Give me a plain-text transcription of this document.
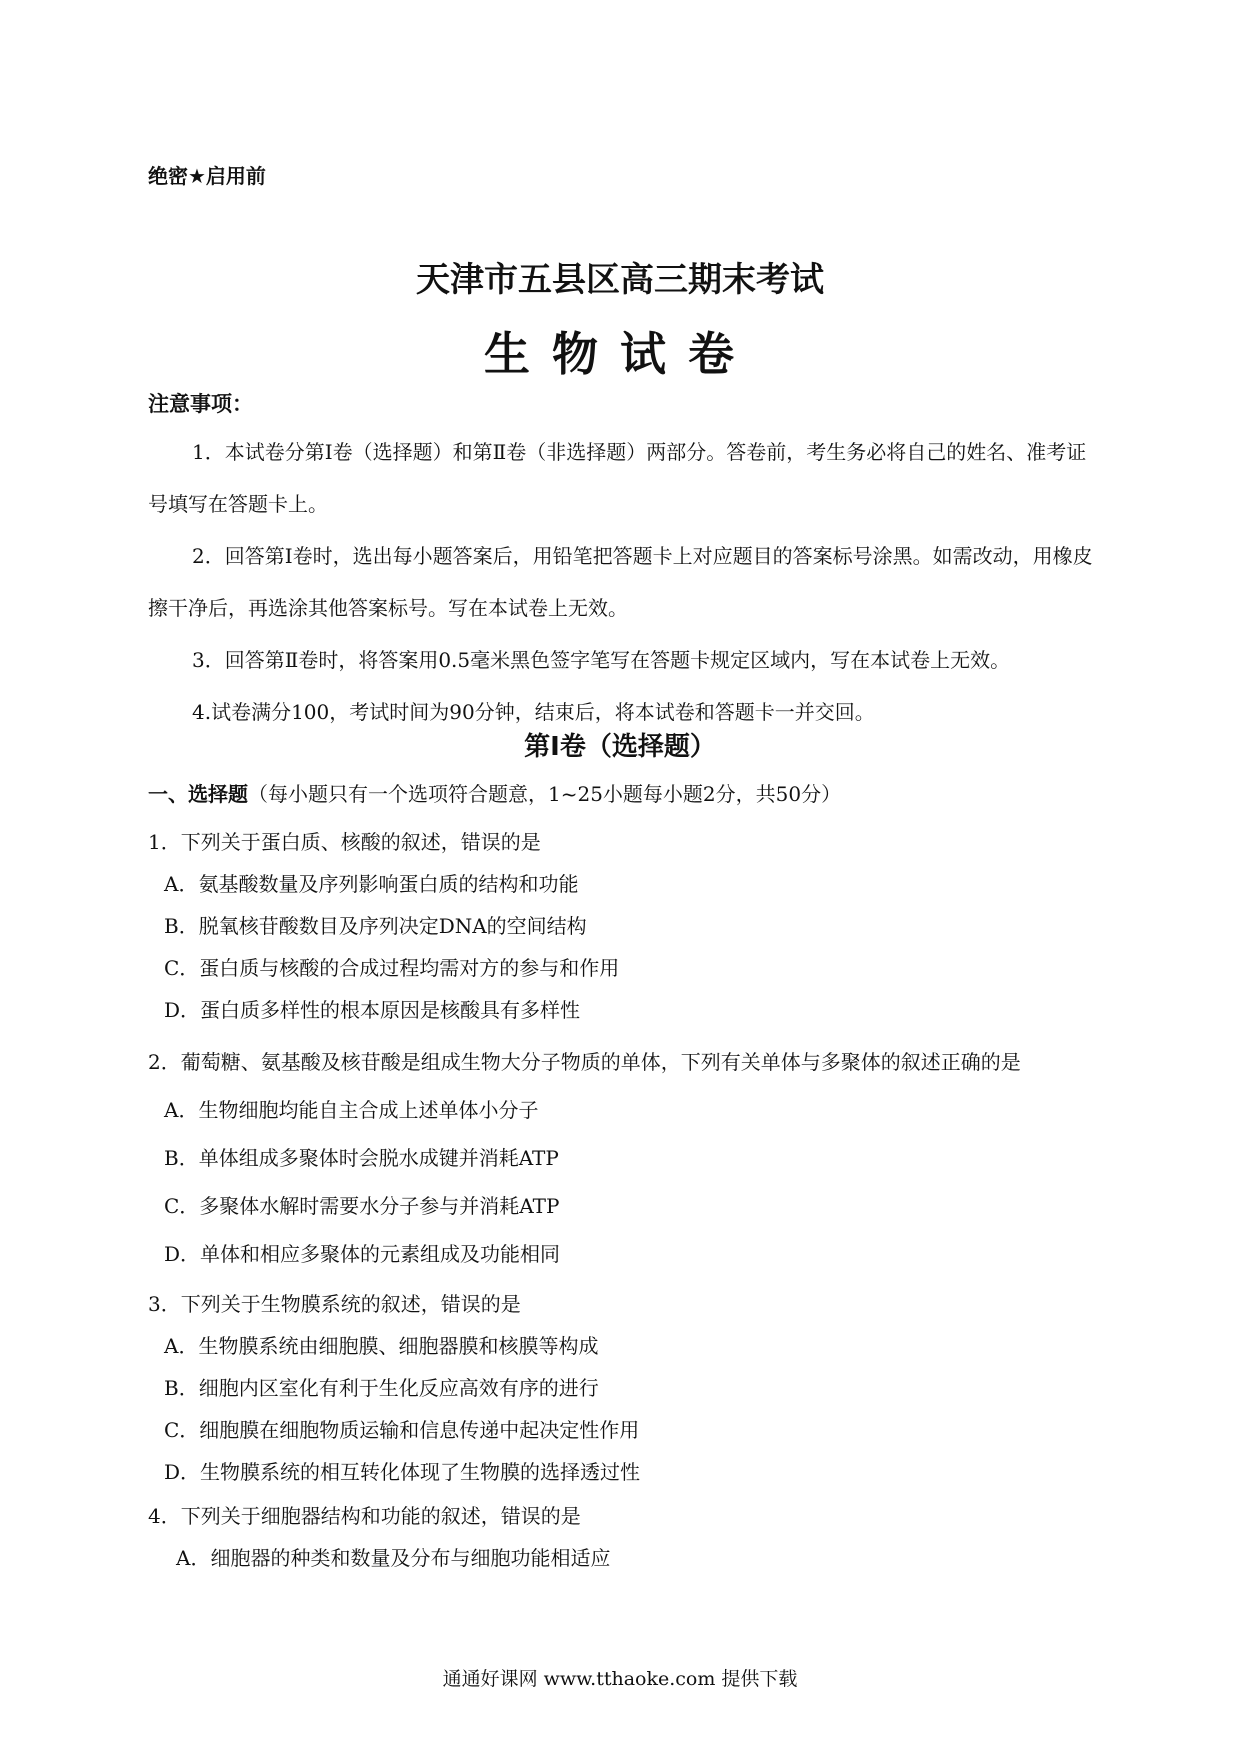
绝密★启用前
天津市五县区高三期末考试
生物试卷
注意事项：

1．本试卷分第Ⅰ卷（选择题）和第Ⅱ卷（非选择题）两部分。答卷前，考生务必将自己的姓名、准考证号填写在答题卡上。

2．回答第Ⅰ卷时，选出每小题答案后，用铅笔把答题卡上对应题目的答案标号涂黑。如需改动，用橡皮擦干净后，再选涂其他答案标号。写在本试卷上无效。

3．回答第Ⅱ卷时，将答案用0.5毫米黑色签字笔写在答题卡规定区域内，写在本试卷上无效。

4.试卷满分100，考试时间为90分钟，结束后，将本试卷和答题卡一并交回。

第Ⅰ卷（选择题）
一、选择题（每小题只有一个选项符合题意，1~25小题每小题2分，共50分）
1．下列关于蛋白质、核酸的叙述，错误的是
A．氨基酸数量及序列影响蛋白质的结构和功能
B．脱氧核苷酸数目及序列决定DNA的空间结构
C．蛋白质与核酸的合成过程均需对方的参与和作用
D．蛋白质多样性的根本原因是核酸具有多样性
2．葡萄糖、氨基酸及核苷酸是组成生物大分子物质的单体，下列有关单体与多聚体的叙述正确的是
A．生物细胞均能自主合成上述单体小分子
B．单体组成多聚体时会脱水成键并消耗ATP
C．多聚体水解时需要水分子参与并消耗ATP
D．单体和相应多聚体的元素组成及功能相同
3．下列关于生物膜系统的叙述，错误的是
A．生物膜系统由细胞膜、细胞器膜和核膜等构成
B．细胞内区室化有利于生化反应高效有序的进行
C．细胞膜在细胞物质运输和信息传递中起决定性作用
D．生物膜系统的相互转化体现了生物膜的选择透过性
4．下列关于细胞器结构和功能的叙述，错误的是
A．细胞器的种类和数量及分布与细胞功能相适应
通通好课网 www.tthaoke.com 提供下载
